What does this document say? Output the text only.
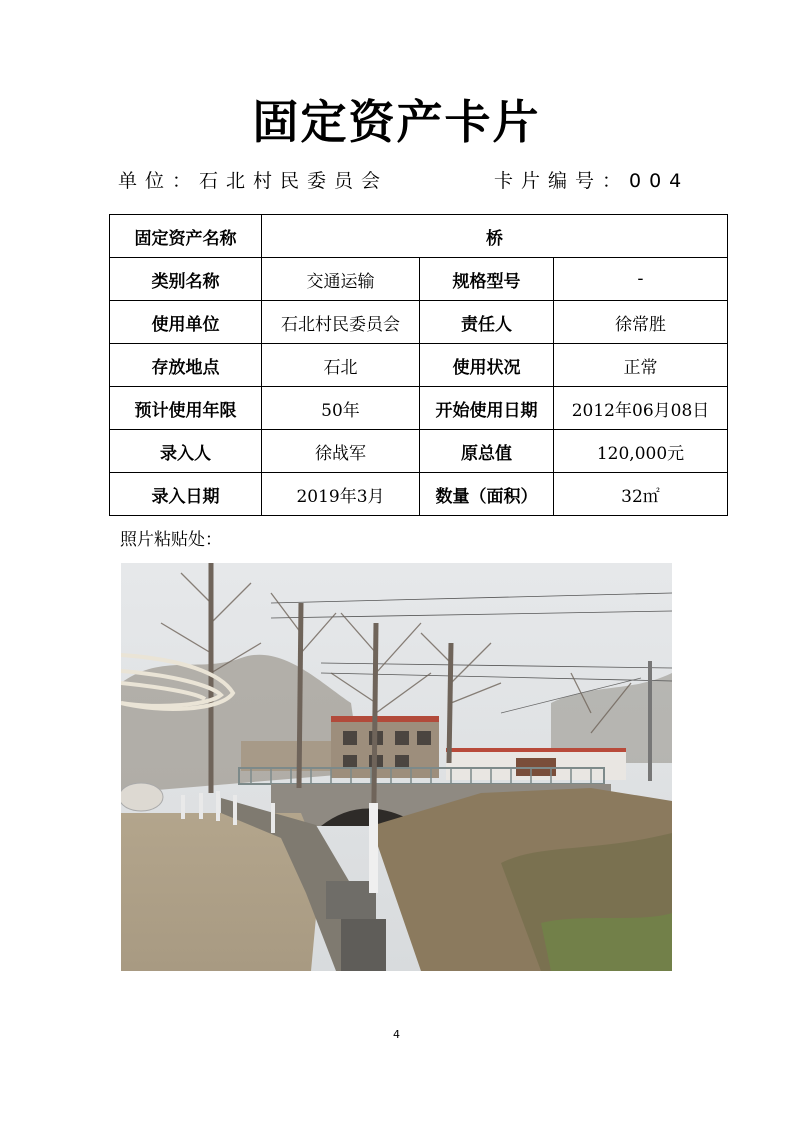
固定资产卡片
单位：石北村民委员会	卡片编号：004
固定资产名称	桥		
类别名称	交通运输	规格型号	-
使用单位	石北村民委员会	责任人	徐常胜
存放地点	石北	使用状况	正常
预计使用年限	50年	开始使用日期	2012年06月08日
录入人	徐战军	原总值	120,000元
录入日期	2019年3月	数量（面积）	32㎡
照片粘贴处：
4
